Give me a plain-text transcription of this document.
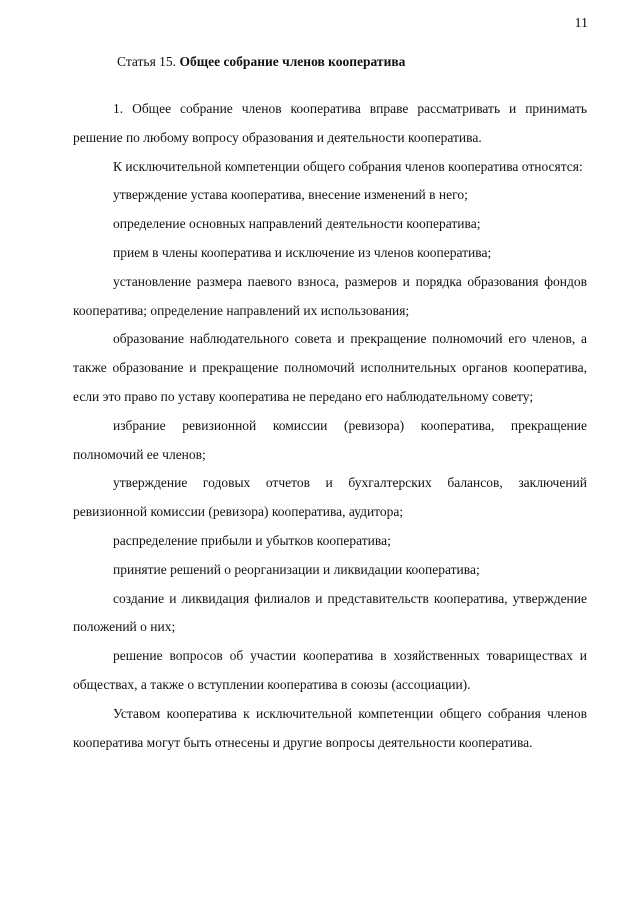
11
Статья 15. Общее собрание членов кооператива

1. Общее собрание членов кооператива вправе рассматривать и принимать решение по любому вопросу образования и деятельности кооператива.

К исключительной компетенции общего собрания членов кооператива относятся:

утверждение устава кооператива, внесение изменений в него;

определение основных направлений деятельности кооператива;

прием в члены кооператива и исключение из членов кооператива;

установление размера паевого взноса, размеров и порядка образования фондов кооператива; определение направлений их использования;

образование наблюдательного совета и прекращение полномочий его членов, а также образование и прекращение полномочий исполнительных органов кооператива, если это право по уставу кооператива не передано его наблюдательному совету;

избрание ревизионной комиссии (ревизора) кооператива, прекращение полномочий ее членов;

утверждение годовых отчетов и бухгалтерских балансов, заключений ревизионной комиссии (ревизора) кооператива, аудитора;

распределение прибыли и убытков кооператива;

принятие решений о реорганизации и ликвидации кооператива;

создание и ликвидация филиалов и представительств кооператива, утверждение положений о них;

решение вопросов об участии кооператива в хозяйственных товариществах и обществах, а также о вступлении кооператива в союзы (ассоциации).

Уставом кооператива к исключительной компетенции общего собрания членов кооператива могут быть отнесены и другие вопросы деятельности кооператива.
